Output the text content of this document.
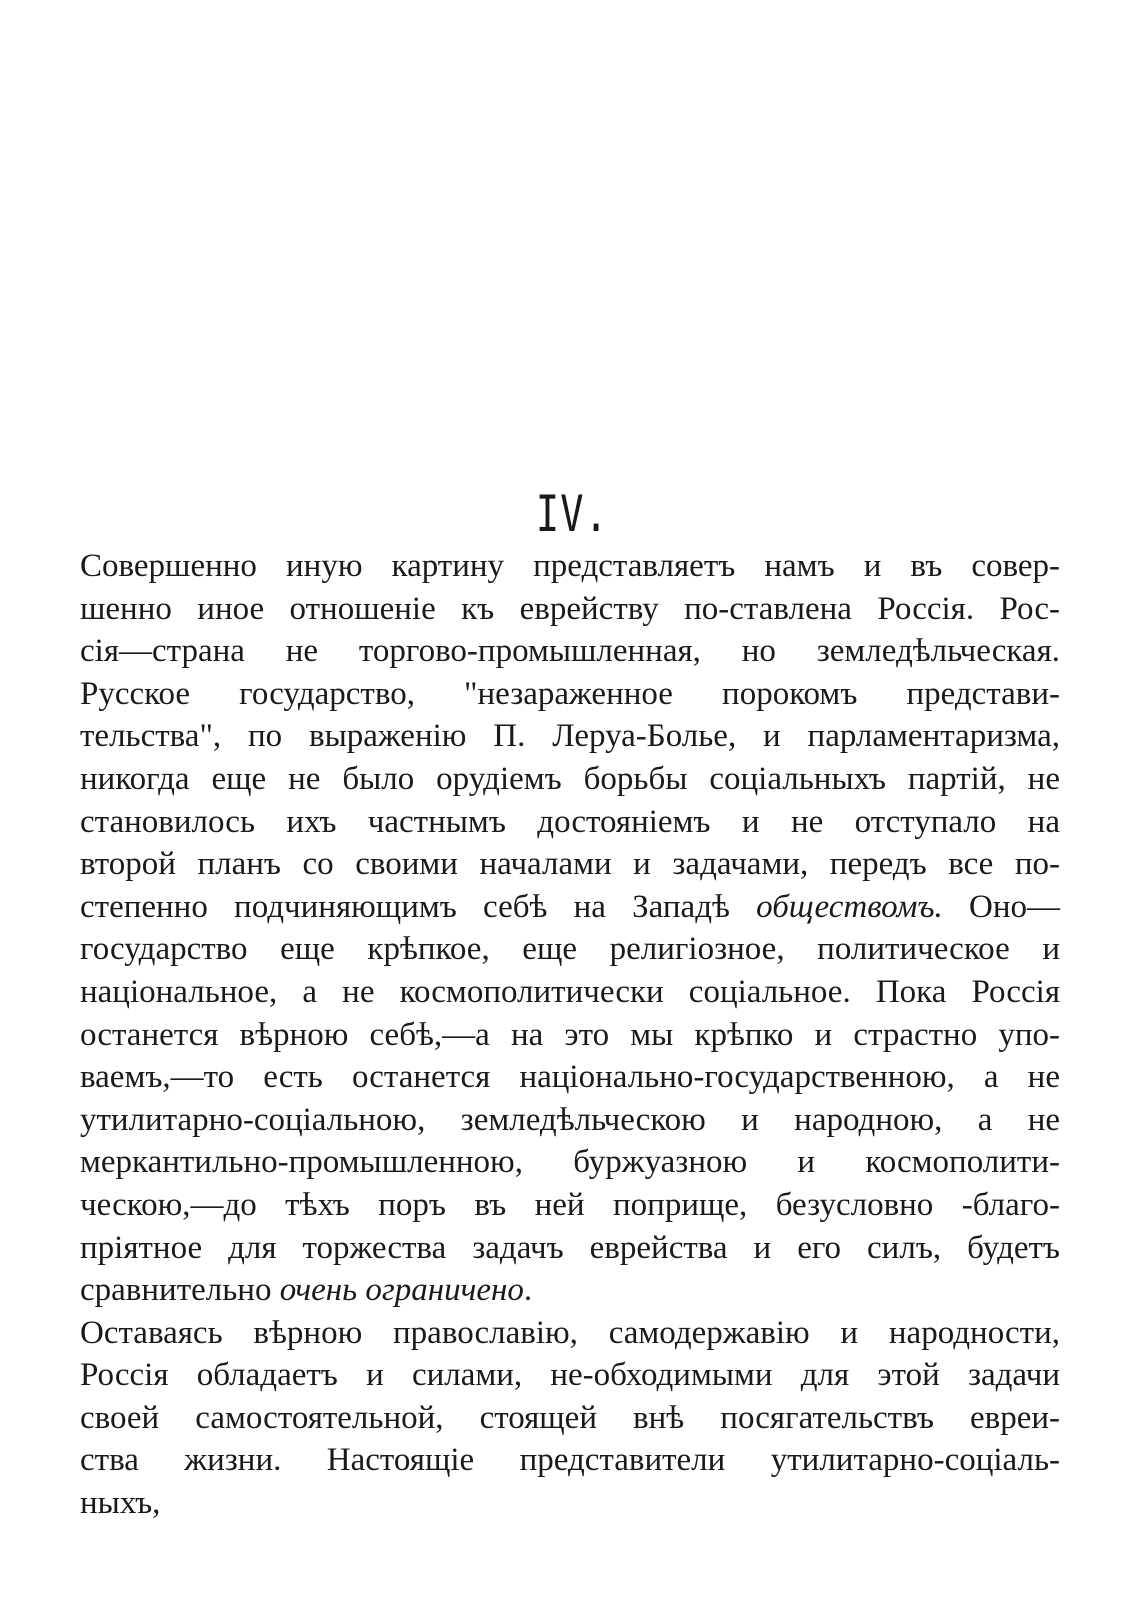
IV.
Совершенно иную картину представляетъ намъ и въ совер-
шенно иное отношеніе къ еврейству по-ставлена Россія. Рос-
сія—страна не торгово-промышленная, но земледѣльческая.
Русское государство, "незараженное порокомъ представи-
тельства", по выраженію П. Леруа-Болье, и парламентаризма,
никогда еще не было орудіемъ борьбы соціальныхъ партій, не
становилось ихъ частнымъ достояніемъ и не отступало на
второй планъ со своими началами и задачами, передъ все по-
степенно подчиняющимъ себѣ на Западѣ обществомъ. Оно—
государство еще крѣпкое, еще религіозное, политическое и
національное, а не космополитически соціальное. Пока Россія
останется вѣрною себѣ,—а на это мы крѣпко и страстно упо-
ваемъ,—то есть останется національно-государственною, а не
утилитарно-соціальною, земледѣльческою и народною, а не
меркантильно-промышленною, буржуазною и космополити-
ческою,—до тѣхъ поръ въ ней поприще, безусловно -благо-
пріятное для торжества задачъ еврейства и его силъ, будетъ
сравнительно очень ограничено.
Оставаясь вѣрною православію, самодержавію и народности,
Россія обладаетъ и силами, не-обходимыми для этой задачи
своей самостоятельной, стоящей внѣ посягательствъ евреи-
ства жизни. Настоящіе представители утилитарно-соціаль-
ныхъ,
